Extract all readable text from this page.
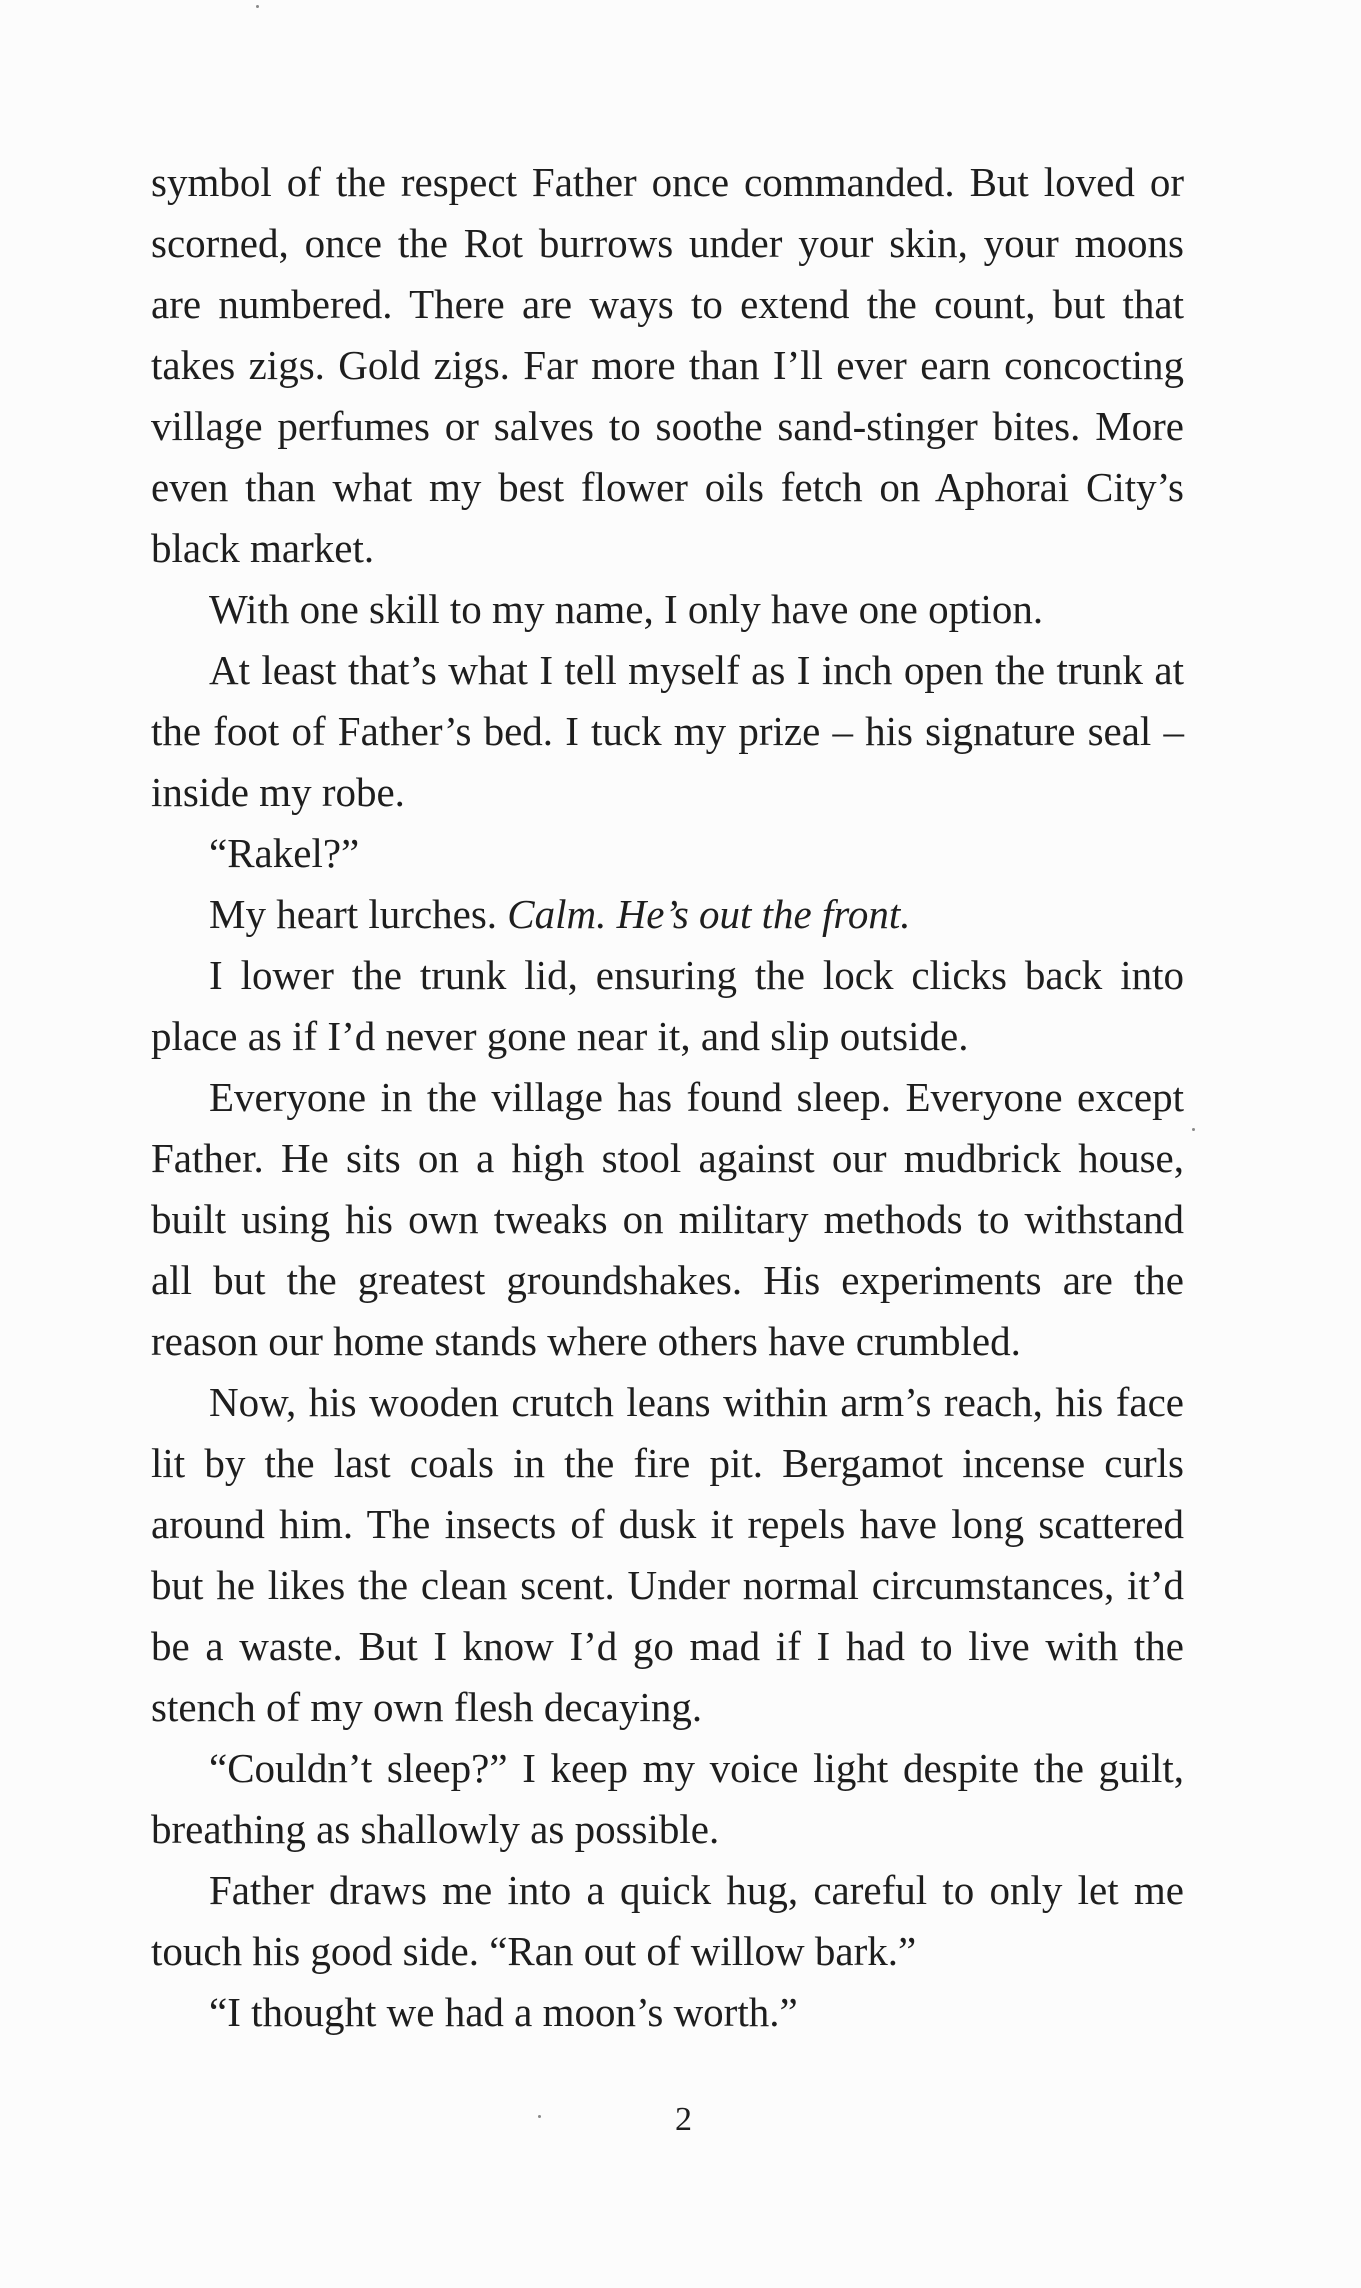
symbol of the respect Father once commanded. But loved or scorned, once the Rot burrows under your skin, your moons are numbered. There are ways to extend the count, but that takes zigs. Gold zigs. Far more than I’ll ever earn concocting village perfumes or salves to soothe sand-stinger bites. More even than what my best flower oils fetch on Aphorai City’s black market.

With one skill to my name, I only have one option.

At least that’s what I tell myself as I inch open the trunk at the foot of Father’s bed. I tuck my prize – his signature seal – inside my robe.

“Rakel?”

My heart lurches. Calm. He’s out the front.

I lower the trunk lid, ensuring the lock clicks back into place as if I’d never gone near it, and slip outside.

Everyone in the village has found sleep. Everyone except Father. He sits on a high stool against our mudbrick house, built using his own tweaks on military methods to withstand all but the greatest groundshakes. His experiments are the reason our home stands where others have crumbled.

Now, his wooden crutch leans within arm’s reach, his face lit by the last coals in the fire pit. Bergamot incense curls around him. The insects of dusk it repels have long scattered but he likes the clean scent. Under normal circumstances, it’d be a waste. But I know I’d go mad if I had to live with the stench of my own flesh decaying.

“Couldn’t sleep?” I keep my voice light despite the guilt, breathing as shallowly as possible.

Father draws me into a quick hug, careful to only let me touch his good side. “Ran out of willow bark.”

“I thought we had a moon’s worth.”

2
